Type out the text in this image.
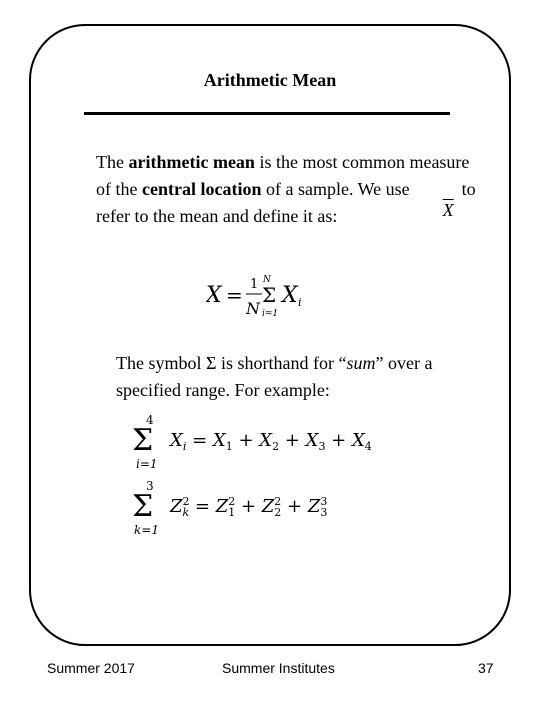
Arithmetic Mean
The arithmetic mean is the most common measure of the central location of a sample. We use
$\overline{X}$
to refer to the mean and define it as:
X = 1
N
N
Σ
i=1
X i
The symbol Σ is shorthand for “sum” over a specified range. For example:
4
Σ
i=1
$X_i = X_1 + X_2 + X_3 + X_4$
3
Σ
k=1
$Z^2$ $k = Z^2$ $1 + Z^2$ $2 + Z^3$ 3
Summer 2017	Summer Institutes	37
